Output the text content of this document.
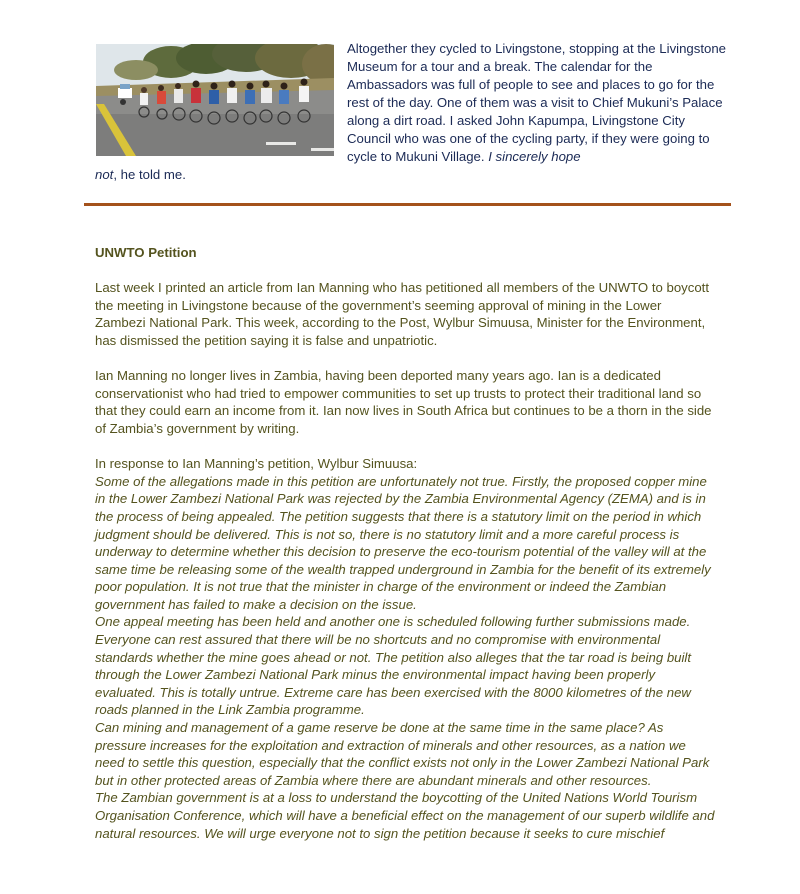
Altogether they cycled to Livingstone, stopping at the Livingstone Museum for a tour and a break. The calendar for the Ambassadors was full of people to see and places to go for the rest of the day. One of them was a visit to Chief Mukuni’s Palace along a dirt road. I asked John Kapumpa, Livingstone City Council who was one of the cycling party, if they were going to cycle to Mukuni Village. I sincerely hope

not, he told me.

UNWTO Petition

Last week I printed an article from Ian Manning who has petitioned all members of the UNWTO to boycott the meeting in Livingstone because of the government’s seeming approval of mining in the Lower Zambezi National Park. This week, according to the Post, Wylbur Simuusa, Minister for the Environment, has dismissed the petition saying it is false and unpatriotic.

Ian Manning no longer lives in Zambia, having been deported many years ago. Ian is a dedicated conservationist who had tried to empower communities to set up trusts to protect their traditional land so that they could earn an income from it. Ian now lives in South Africa but continues to be a thorn in the side of Zambia’s government by writing.

In response to Ian Manning’s petition, Wylbur Simuusa:

Some of the allegations made in this petition are unfortunately not true. Firstly, the proposed copper mine in the Lower Zambezi National Park was rejected by the Zambia Environmental Agency (ZEMA) and is in the process of being appealed. The petition suggests that there is a statutory limit on the period in which judgment should be delivered. This is not so, there is no statutory limit and a more careful process is underway to determine whether this decision to preserve the eco-tourism potential of the valley will at the same time be releasing some of the wealth trapped underground in Zambia for the benefit of its extremely poor population. It is not true that the minister in charge of the environment or indeed the Zambian government has failed to make a decision on the issue.

One appeal meeting has been held and another one is scheduled following further submissions made. Everyone can rest assured that there will be no shortcuts and no compromise with environmental standards whether the mine goes ahead or not. The petition also alleges that the tar road is being built through the Lower Zambezi National Park minus the environmental impact having been properly evaluated. This is totally untrue. Extreme care has been exercised with the 8000 kilometres of the new roads planned in the Link Zambia programme.

Can mining and management of a game reserve be done at the same time in the same place? As pressure increases for the exploitation and extraction of minerals and other resources, as a nation we need to settle this question, especially that the conflict exists not only in the Lower Zambezi National Park but in other protected areas of Zambia where there are abundant minerals and other resources.

The Zambian government is at a loss to understand the boycotting of the United Nations World Tourism Organisation Conference, which will have a beneficial effect on the management of our superb wildlife and natural resources. We will urge everyone not to sign the petition because it seeks to cure mischief
